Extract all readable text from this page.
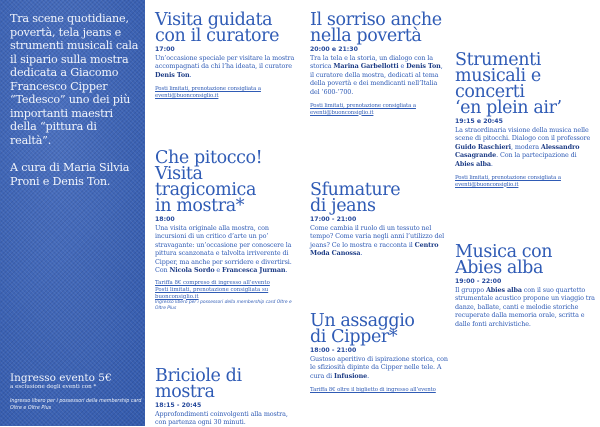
Tra scene quotidiane, povertà, tela jeans e strumenti musicali cala il sipario sulla mostra dedicata a Giacomo Francesco Cipper “Tedesco” uno dei più importanti maestri della “pittura di realtà”.

A cura di Maria Silvia Proni e Denis Ton.

Ingresso evento 5€
a esclusione degli eventi con *
Ingresso libero per i possessori della membership card Oltre e Oltre Plus
Visita guidata
con il curatore
17:00

Un’occasione speciale per visitare la mostra accompagnati da chi l’ha ideata, il curatore Denis Ton.

Posti limitati, prenotazione consigliata a eventi@buonconsiglio.it
Che pitocco!
Visita tragicomica
in mostra*
18:00

Una visita originale alla mostra, con incursioni di un critico d’arte un po’ stravagante: un’occasione per conoscere la pittura scanzonata e talvolta irriverente di Cipper, ma anche per sorridere e divertirsi. Con Nicola Sordo e Francesca Jurman.

Tariffa 8€ compreso di ingresso all’evento
Posti limitati, prenotazione consigliata su buonconsiglio.it
Ingresso libero per i possessori della membership card Oltre e Oltre Plus
Briciole di mostra
18:15 - 20:45

Approfondimenti coinvolgenti alla mostra, con partenza ogni 30 minuti.

Il sorriso anche
nella povertà
20:00 e 21:30

Tra la tela e la storia, un dialogo con la storica Marina Garbellotti e Denis Ton, il curatore della mostra, dedicati al tema della povertà e dei mendicanti nell’Italia del ’600-’700.

Posti limitati, prenotazione consigliata a eventi@buonconsiglio.it
Sfumature
di jeans
17:00 - 21:00

Come cambia il ruolo di un tessuto nel tempo? Come varia negli anni l’utilizzo del jeans? Ce lo mostra e racconta il Centro Moda Canossa.

Un assaggio
di Cipper*
18:00 - 21:00

Gustoso aperitivo di ispirazione storica, con le sfiziosità dipinte da Cipper nelle tele. A cura di Infusione.

Tariffa 8€ oltre il biglietto di ingresso all’evento
Strumenti
musicali e concerti
‘en plein air’
19:15 e 20:45

La straordinaria visione della musica nelle scene di pitocchi. Dialogo con il professore Guido Raschieri, modera Alessandro Casagrande. Con la partecipazione di Abies alba.

Posti limitati, prenotazione consigliata a eventi@buonconsiglio.it
Musica con
Abies alba
19:00 - 22:00

Il gruppo Abies alba con il suo quartetto strumentale acustico propone un viaggio tra danze, ballate, canti e melodie storiche recuperate dalla memoria orale, scritta e dalle fonti archivistiche.
